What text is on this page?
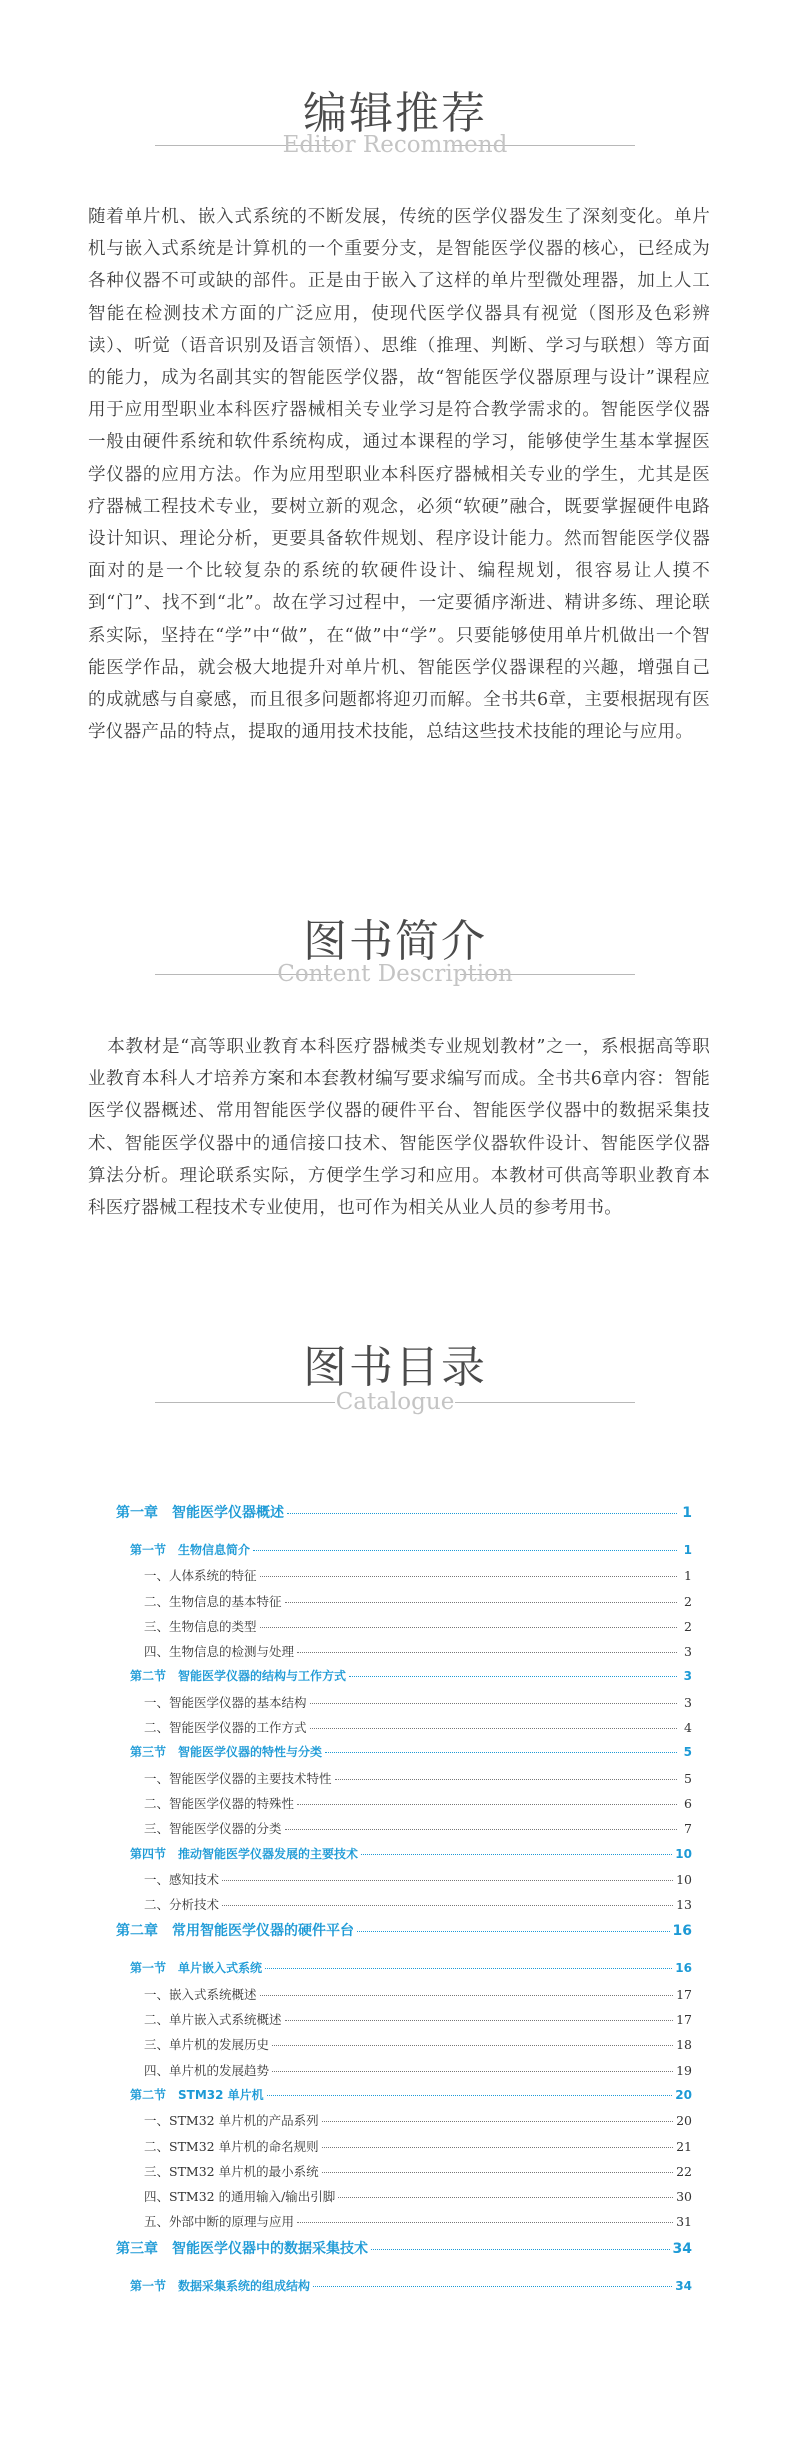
编辑推荐
Editor Recommend

随着单片机、嵌入式系统的不断发展，传统的医学仪器发生了深刻变化。单片机与嵌入式系统是计算机的一个重要分支，是智能医学仪器的核心，已经成为各种仪器不可或缺的部件。正是由于嵌入了这样的单片型微处理器，加上人工智能在检测技术方面的广泛应用，使现代医学仪器具有视觉（图形及色彩辨读）、听觉（语音识别及语言领悟）、思维（推理、判断、学习与联想）等方面的能力，成为名副其实的智能医学仪器，故“智能医学仪器原理与设计”课程应用于应用型职业本科医疗器械相关专业学习是符合教学需求的。智能医学仪器一般由硬件系统和软件系统构成，通过本课程的学习，能够使学生基本掌握医学仪器的应用方法。作为应用型职业本科医疗器械相关专业的学生，尤其是医疗器械工程技术专业，要树立新的观念，必须“软硬”融合，既要掌握硬件电路设计知识、理论分析，更要具备软件规划、程序设计能力。然而智能医学仪器面对的是一个比较复杂的系统的软硬件设计、编程规划，很容易让人摸不到“门”、找不到“北”。故在学习过程中，一定要循序渐进、精讲多练、理论联系实际，坚持在“学”中“做”，在“做”中“学”。只要能够使用单片机做出一个智能医学作品，就会极大地提升对单片机、智能医学仪器课程的兴趣，增强自己的成就感与自豪感，而且很多问题都将迎刃而解。全书共6章，主要根据现有医学仪器产品的特点，提取的通用技术技能，总结这些技术技能的理论与应用。

图书简介
Content Description

本教材是“高等职业教育本科医疗器械类专业规划教材”之一，系根据高等职业教育本科人才培养方案和本套教材编写要求编写而成。全书共6章内容：智能医学仪器概述、常用智能医学仪器的硬件平台、智能医学仪器中的数据采集技术、智能医学仪器中的通信接口技术、智能医学仪器软件设计、智能医学仪器算法分析。理论联系实际，方便学生学习和应用。本教材可供高等职业教育本科医疗器械工程技术专业使用，也可作为相关从业人员的参考用书。

图书目录
Catalogue
第一章　智能医学仪器概述	1
第一节　生物信息简介	1
一、人体系统的特征	1
二、生物信息的基本特征	2
三、生物信息的类型	2
四、生物信息的检测与处理	3
第二节　智能医学仪器的结构与工作方式	3
一、智能医学仪器的基本结构	3
二、智能医学仪器的工作方式	4
第三节　智能医学仪器的特性与分类	5
一、智能医学仪器的主要技术特性	5
二、智能医学仪器的特殊性	6
三、智能医学仪器的分类	7
第四节　推动智能医学仪器发展的主要技术	10
一、感知技术	10
二、分析技术	13
第二章　常用智能医学仪器的硬件平台	16
第一节　单片嵌入式系统	16
一、嵌入式系统概述	17
二、单片嵌入式系统概述	17
三、单片机的发展历史	18
四、单片机的发展趋势	19
第二节　STM32 单片机	20
一、STM32 单片机的产品系列	20
二、STM32 单片机的命名规则	21
三、STM32 单片机的最小系统	22
四、STM32 的通用输入/输出引脚	30
五、外部中断的原理与应用	31
第三章　智能医学仪器中的数据采集技术	34
第一节　数据采集系统的组成结构	34
